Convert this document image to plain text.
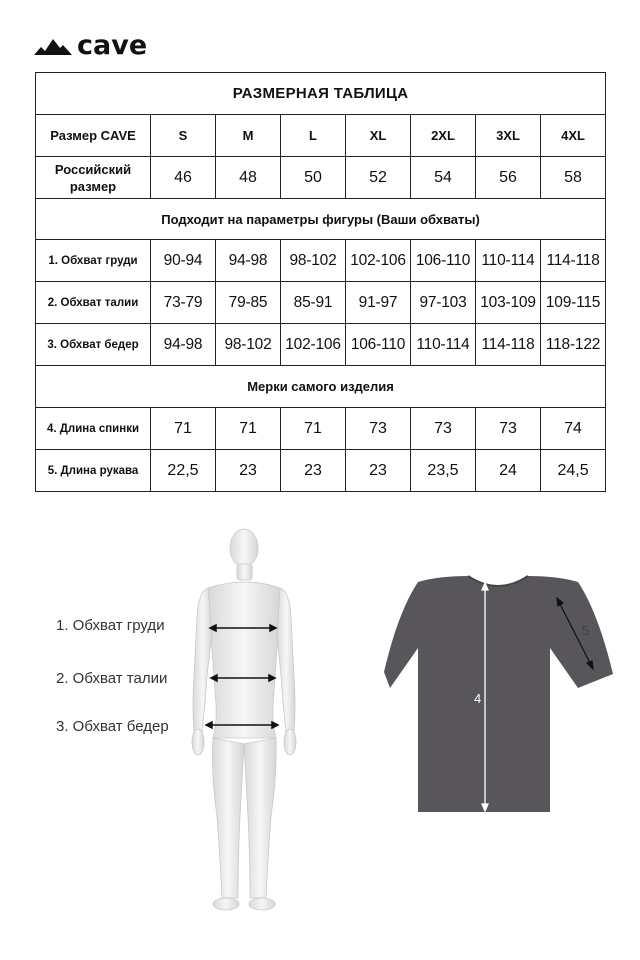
cave
РАЗМЕРНАЯ ТАБЛИЦА							
Размер CAVE	S	M	L	XL	2XL	3XL	4XL
Российский размер	46	48	50	52	54	56	58
Подходит на параметры фигуры (Ваши обхваты)							
1. Обхват груди	90-94	94-98	98-102	102-106	106-110	110-114	114-118
2. Обхват талии	73-79	79-85	85-91	91-97	97-103	103-109	109-115
3. Обхват бедер	94-98	98-102	102-106	106-110	110-114	114-118	118-122
Мерки самого изделия							
4. Длина спинки	71	71	71	73	73	73	74
5. Длина рукава	22,5	23	23	23	23,5	24	24,5
1. Обхват груди
2. Обхват талии
3. Обхват бедер
4
5
